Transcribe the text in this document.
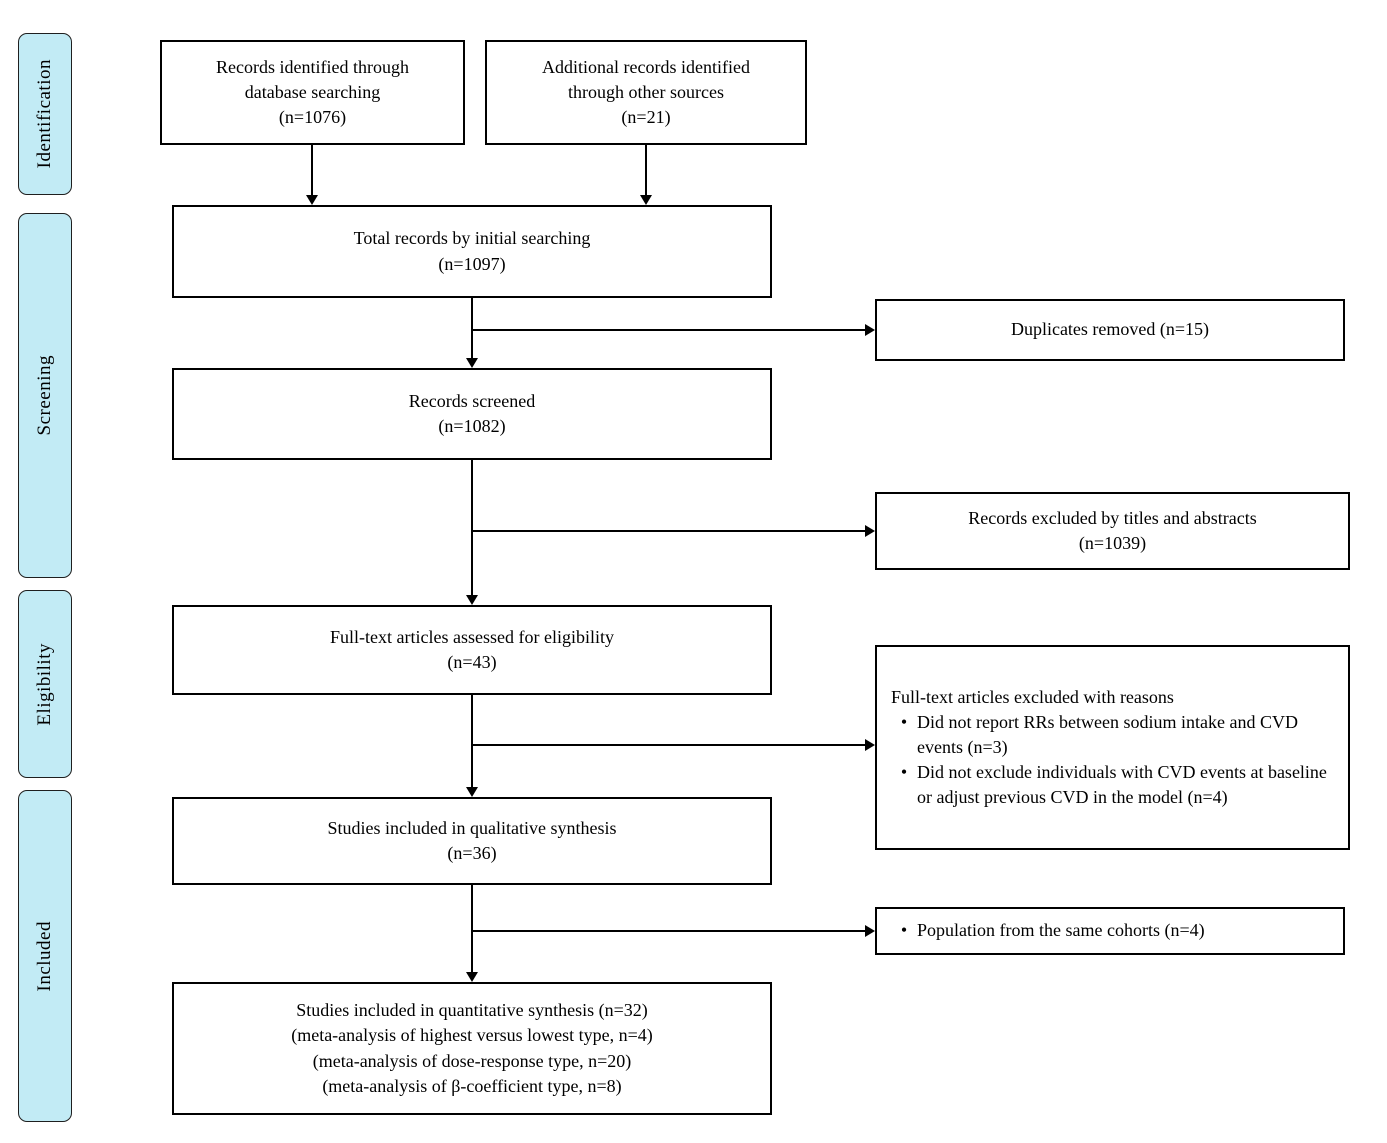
Identification
Screening
Eligibility
Included
Records identified through
database searching
(n=1076)
Additional records identified
through other sources
(n=21)
Total records by initial searching
(n=1097)
Records screened
(n=1082)
Full-text articles assessed for eligibility
(n=43)
Studies included in qualitative synthesis
(n=36)
Studies included in quantitative synthesis (n=32)
(meta-analysis of highest versus lowest type, n=4)
(meta-analysis of dose-response type, n=20)
(meta-analysis of β-coefficient type, n=8)
Duplicates removed (n=15)
Records excluded by titles and abstracts
(n=1039)
Full-text articles excluded with reasons
• Did not report RRs between sodium intake and CVD events (n=3)
• Did not exclude individuals with CVD events at baseline or adjust previous CVD in the model (n=4)
• Population from the same cohorts (n=4)
